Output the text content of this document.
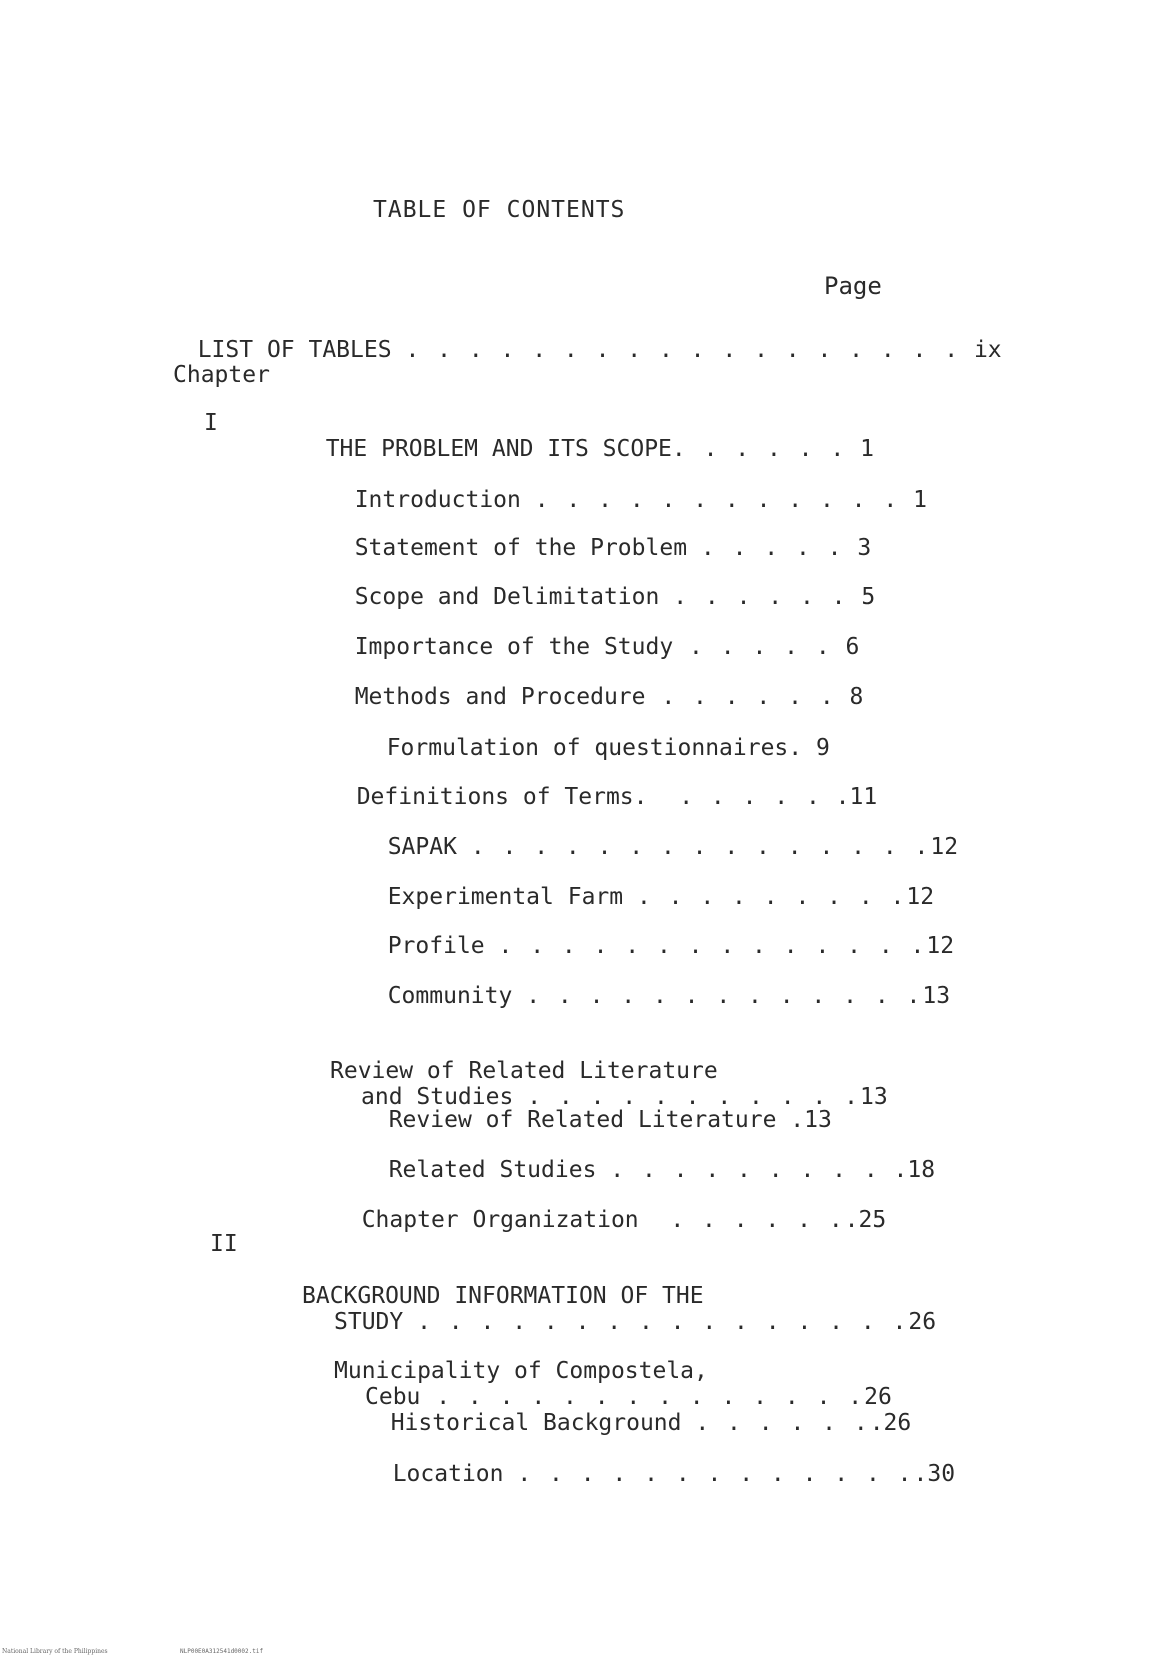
TABLE OF CONTENTS
Page

LIST OF TABLES . . . . . . . . . . . . . . . . . . ix

Chapter
I

THE PROBLEM AND ITS SCOPE. . . . . . 1

Introduction . . . . . . . . . . . . 1

Statement of the Problem . . . . . 3

Scope and Delimitation . . . . . . 5

Importance of the Study . . . . . 6

Methods and Procedure . . . . . . 8

Formulation of questionnaires. 9

Definitions of Terms.  . . . . . .11

SAPAK . . . . . . . . . . . . . . .12

Experimental Farm . . . . . . . . .12

Profile . . . . . . . . . . . . . .12

Community . . . . . . . . . . . . .13

Review of Related Literature
and Studies . . . . . . . . . . .13

Review of Related Literature .13

Related Studies . . . . . . . . . .18

Chapter Organization  . . . . . ..25

II

BACKGROUND INFORMATION OF THE
STUDY . . . . . . . . . . . . . . . .26

Municipality of Compostela,
Cebu . . . . . . . . . . . . . .26

Historical Background . . . . . ..26

Location . . . . . . . . . . . . ..30

National Library of the Philippines	NLP00E0A312541d0002.tif
